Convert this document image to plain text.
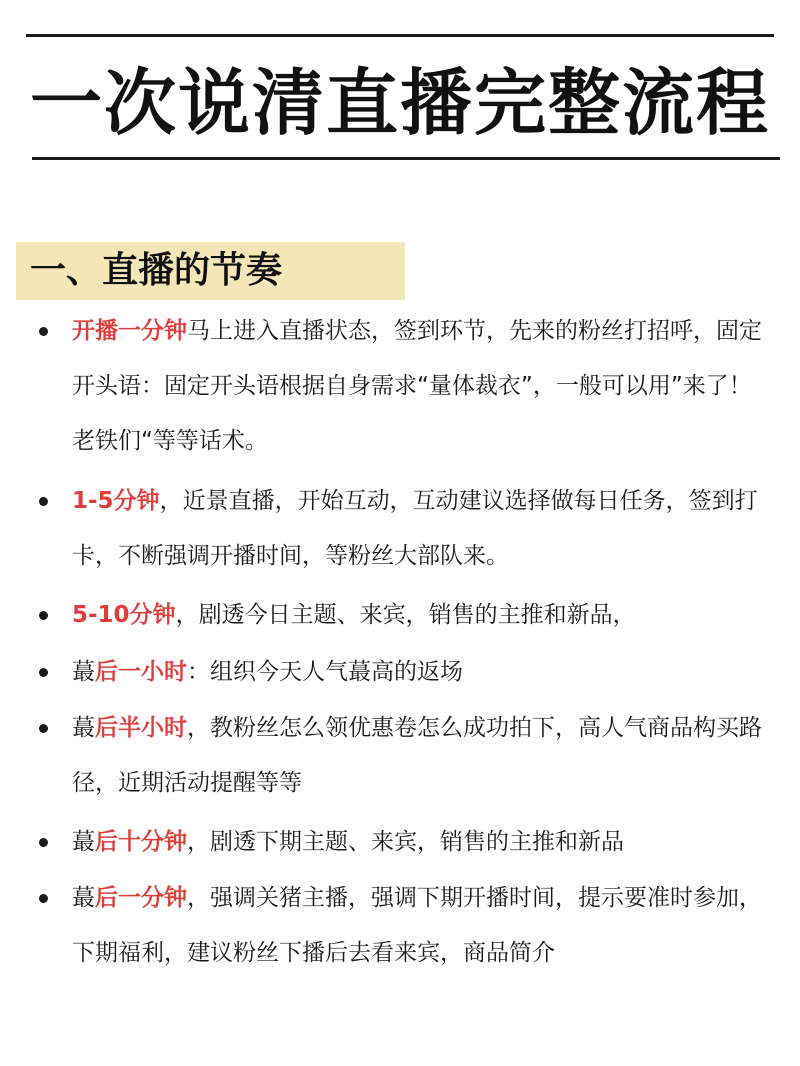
一次说清直播完整流程
一、直播的节奏
开播一分钟马上进入直播状态，签到环节，先来的粉丝打招呼，固定开头语：固定开头语根据自身需求“量体裁衣”，一般可以用”来了！老铁们“等等话术。
1-5分钟，近景直播，开始互动，互动建议选择做每日任务，签到打卡，不断强调开播时间，等粉丝大部队来。
5-10分钟，剧透今日主题、来宾，销售的主推和新品，
蕞后一小时：组织今天人气蕞高的返场
蕞后半小时，教粉丝怎么领优惠卷怎么成功拍下，高人气商品构买路径，近期活动提醒等等
蕞后十分钟，剧透下期主题、来宾，销售的主推和新品
蕞后一分钟，强调关猪主播，强调下期开播时间，提示要准时参加，下期福利，建议粉丝下播后去看来宾，商品简介
